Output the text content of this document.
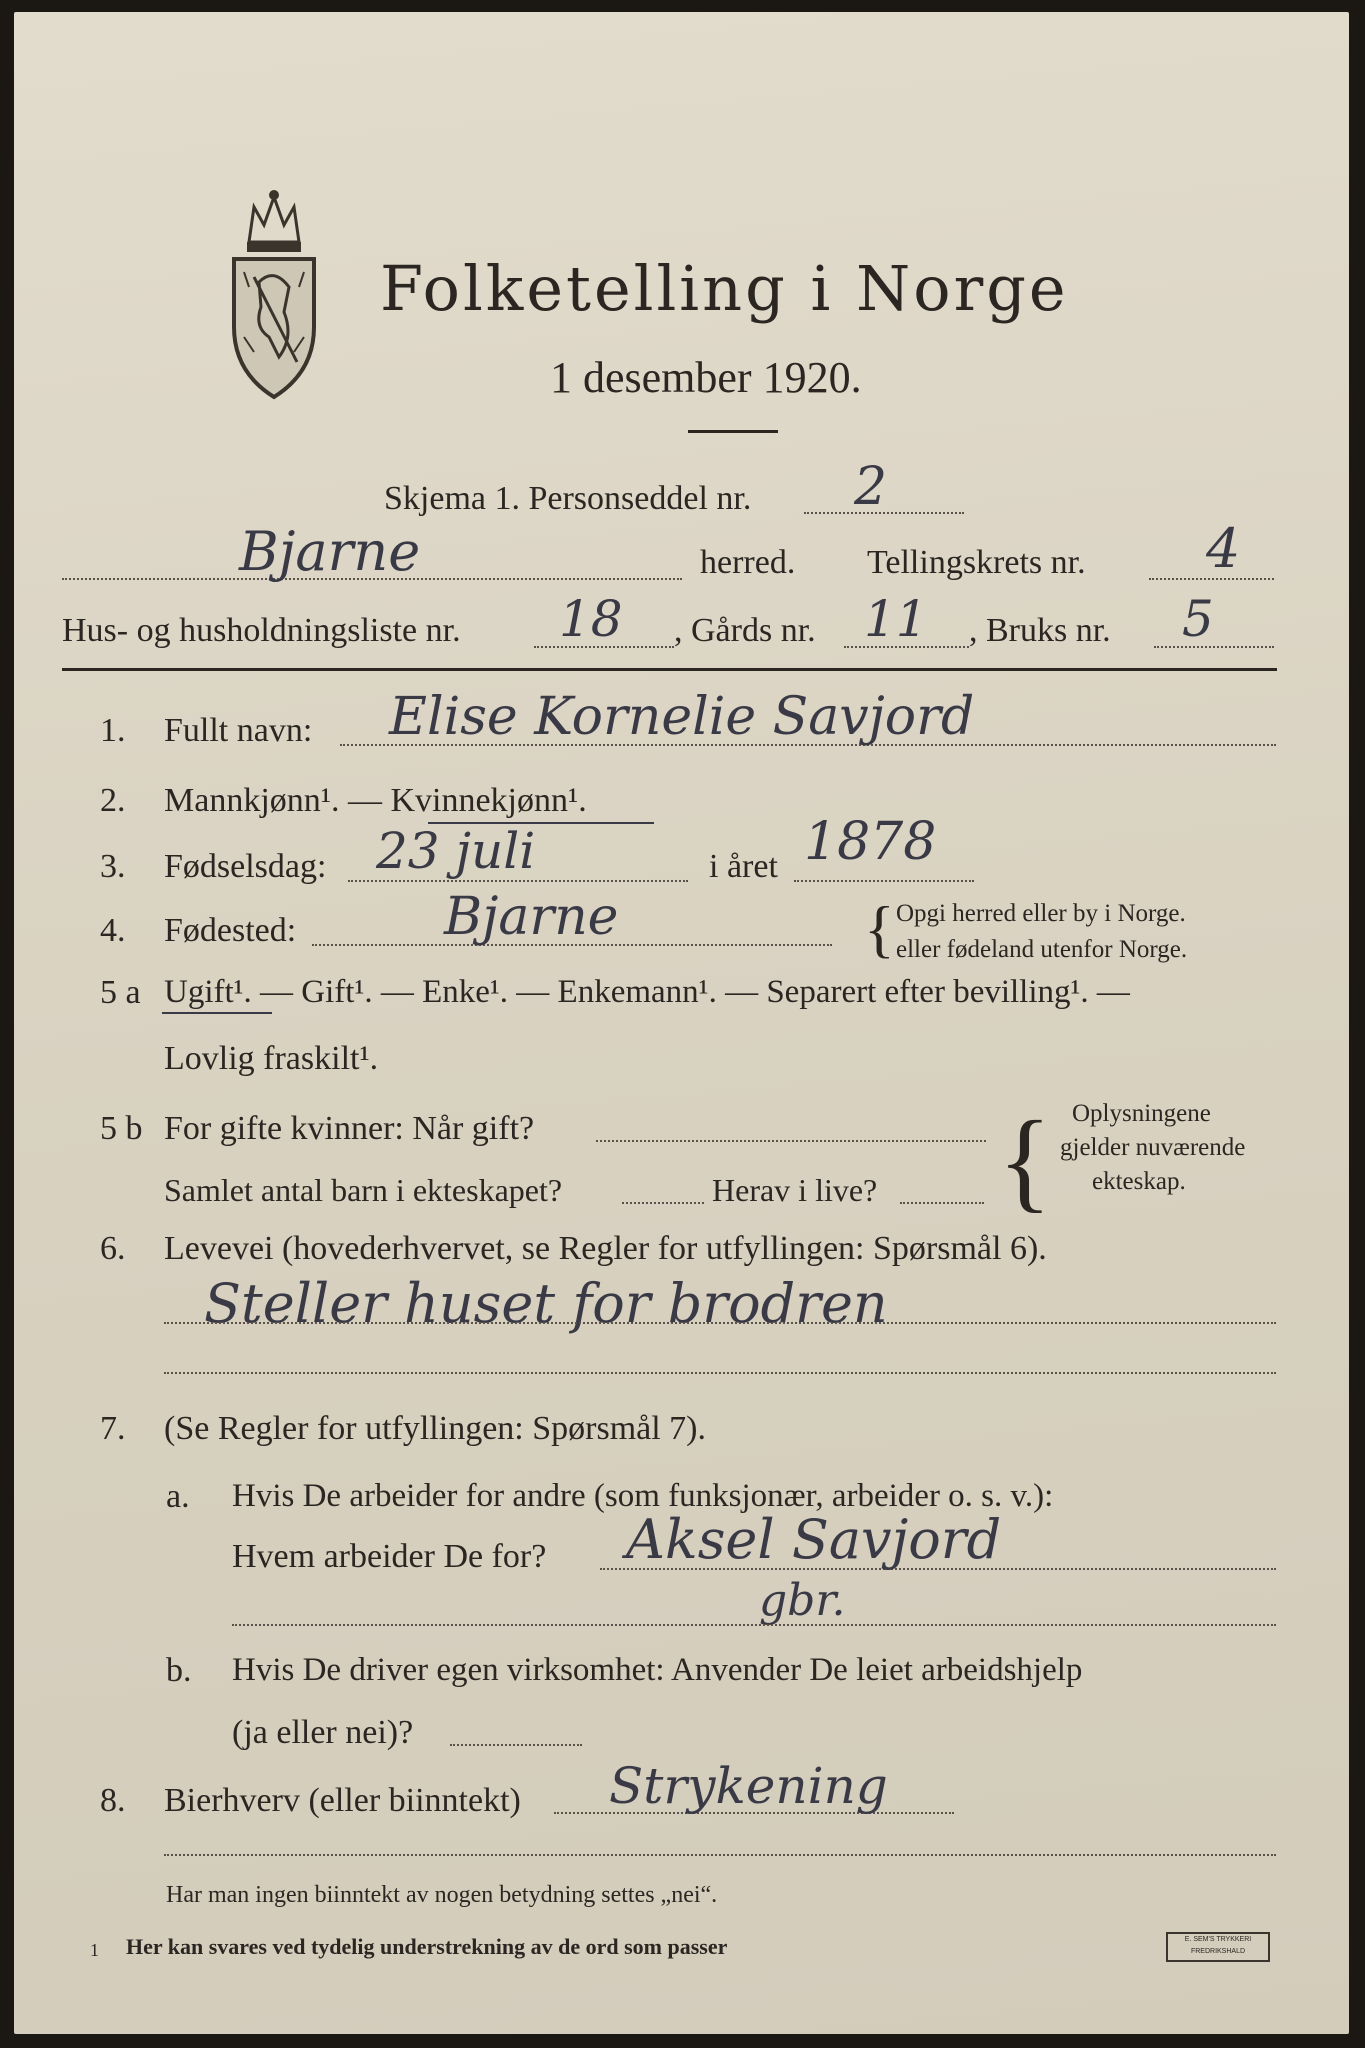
Folketelling i Norge
1 desember 1920.
Skjema 1. Personseddel nr. 2
Bjarne	herred. Tellingskrets nr. 4
Hus- og husholdningsliste nr. 18 , Gårds nr. 11 , Bruks nr. 5
1. Fullt navn: Elise Kornelie Savjord
2. Mannkjønn¹. — Kvinnekjønn¹.
3. Fødselsdag: 23 juli	i året 1878
4. Fødested:	Bjarne	{ Opgi herred eller by i Norge.
eller fødeland utenfor Norge.
5 a Ugift¹. — Gift¹. — Enke¹. — Enkemann¹. — Separert efter bevilling¹. —
Lovlig fraskilt¹.
5 b For gifte kvinner: Når gift?
Samlet antal barn i ekteskapet?	Herav i live? { Oplysningene
gjelder nuværende
ekteskap.
6. Levevei (hovederhvervet, se Regler for utfyllingen: Spørsmål 6).
Steller huset for brodren
7. (Se Regler for utfyllingen: Spørsmål 7).
a. Hvis De arbeider for andre (som funksjonær, arbeider o. s. v.):
Hvem arbeider De for? Aksel Savjord
gbr.
b. Hvis De driver egen virksomhet: Anvender De leiet arbeidshjelp
(ja eller nei)?
8. Bierhverv (eller biinntekt) Strykening
Har man ingen biinntekt av nogen betydning settes „nei“.
1 Her kan svares ved tydelig understrekning av de ord som passer	E. SEM'S TRYKKERI FREDRIKSHALD
